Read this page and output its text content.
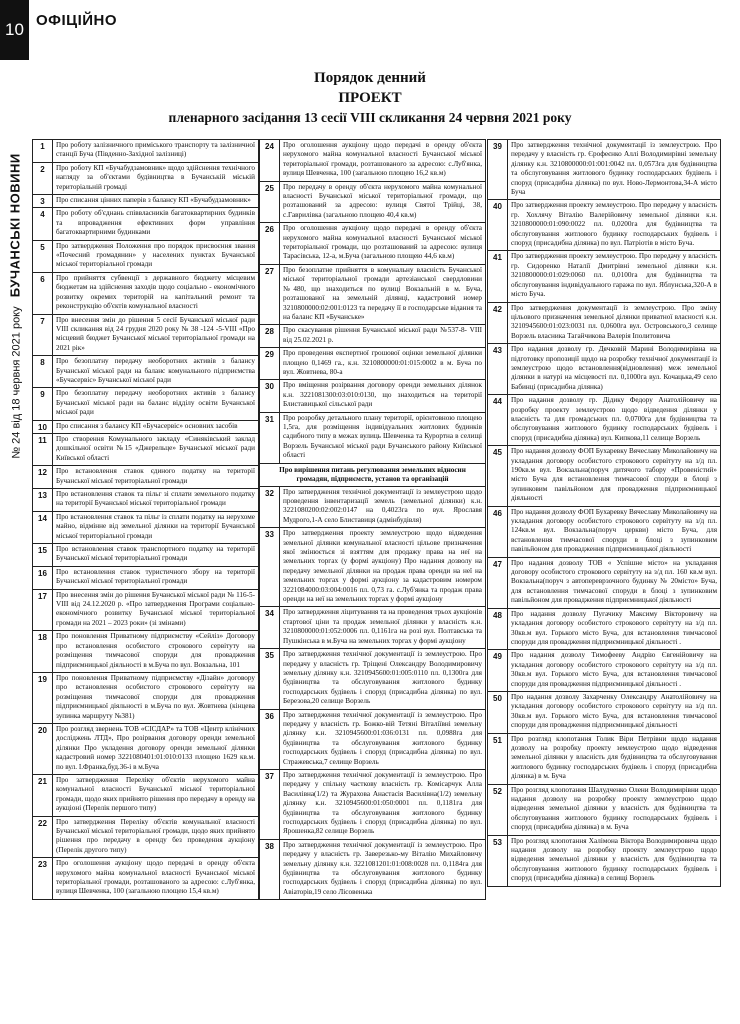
10 ОФІЦІЙНО
№ 24 від 18 червня 2021 року   БУЧАНСЬКІ НОВИНИ
Порядок денний
ПРОЕКТ
пленарного засідання 13 сесії VIII скликання 24 червня 2021 року
1	Про роботу залізничного приміського транспорту та залізничної станції Буча (Південно-Західної залізниці)
2	Про роботу КП «Бучабудзамовник» щодо здійснення технічного нагляду за об'єктами будівництва в Бучанській міській територіальній громаді
3	Про списання цінних паперів з балансу КП «Бучабудзамовник»
4	Про роботу об'єднань співвласників багатоквартирних будинків та впровадження ефективних форм управління багатоквартирними будинками
5	Про затвердження Положення про порядок присвоєння звання «Почесний громадянин» у населених пунктах Бучанської міської територіальної громади
6	Про прийняття субвенції з державного бюджету місцевим бюджетам на здійснення заходів щодо соціально - економічного розвитку окремих територій на капітальний ремонт та реконструкцію об'єктів комунальної власності
7	Про внесення змін до рішення 5 сесії Бучанської міської ради VIII скликання від 24 грудня 2020 року № 38 -124 -5-VIII «Про місцевий бюджет Бучанської міської територіальної громади на 2021 рік»
8	Про безоплатну передачу необоротних активів з балансу Бучанської міської ради на баланс комунального підприємства «Бучасервіс» Бучанської міської ради
9	Про безоплатну передачу необоротних активів з балансу Бучанської міської ради на баланс відділу освіти Бучанської міської ради
10	Про списання з балансу КП «Бучасервіс» основних засобів
11	Про створення Комунального закладу «Синяківський заклад дошкільної освіти №15 «Джерельце» Бучанської міської ради Київської області
12	Про встановлення ставок єдиного податку на території Бучанської міської територіальної громади
13	Про встановлення ставок та пільг зі сплати земельного податку на території Бучанської міської територіальної громади
14	Про встановлення ставок та пільг із сплати податку на нерухоме майно, відмінне від земельної ділянки на території Бучанської міської територіальної громади
15	Про встановлення ставок транспортного податку на території Бучанської міської територіальної громади
16	Про встановлення ставок туристичного збору на території Бучанської міської територіальної громади
17	Про внесення змін до рішення Бучанської міської ради № 116-5-VIII від 24.12.2020 р. «Про затвердження Програми соціально-економічного розвитку Бучанської міської територіальної громади на 2021 – 2023 роки» (зі змінами)
18	Про поновлення Приватному підприємству «Сейліз» Договору про встановлення особистого строкового сервітуту на розміщення тимчасової споруди для провадження підприємницької діяльності в м.Буча по вул. Вокзальна, 101
19	Про поновлення Приватному підприємству «Дізайн» договору про встановлення особистого строкового сервітуту на розміщення тимчасової споруди для провадження підприємницької діяльності в м.Буча по вул. Жовтнева (кінцева зупинка маршруту №381)
20	Про розгляд звернень ТОВ «СІСДАР» та ТОВ «Центр клінічних досліджень ЛТД», Про розірвання договору оренди земельної ділянки Про укладення договору оренди земельної ділянки кадастровий номер 3221080401:01:010:0133 площею 1629 кв.м. по вул. І.Франка,буд.36-і в м.Буча
21	Про затвердження Переліку об'єктів нерухомого майна комунальної власності Бучанської міської територіальної громади, щодо яких прийнято рішення про передачу в оренду на аукціоні (Перелік першого типу)
22	Про затвердження Переліку об'єктів комунальної власності Бучанської міської територіальної громади, щодо яких прийнято рішення про передачу в оренду без проведення аукціону (Перелік другого типу)
23	Про оголошення аукціону щодо передачі в оренду об'єкта нерухомого майна комунальної власності Бучанської міської територіальної громади, розташованого за адресою: с.Луб'янка, вулиця Шевченка, 100 (загальною площею 15,4 кв.м)
24	Про оголошення аукціону щодо передачі в оренду об'єкта нерухомого майна комунальної власності Бучанської міської територіальної громади, розташованого за адресою: с.Луб'янка, вулиця Шевченка, 100 (загальною площею 16,2 кв.м)
25	Про передачу в оренду об'єкта нерухомого майна комунальної власності Бучанської міської територіальної громади, що розташований за адресою: вулиця Святої Трійці, 38, с.Гаврилівка (загальною площею 40,4 кв.м)
26	Про оголошення аукціону щодо передачі в оренду об'єкта нерухомого майна комунальної власності Бучанської міської територіальної громади, що розташований за адресою: вулиця Тарасівська, 12-а, м.Буча (загальною площею 44,6 кв.м)
27	Про безоплатне прийняття в комунальну власність Бучанської міської територіальної громади артезіанської свердловини №480, що знаходиться по вулиці Вокзальній в м. Буча, розташованої на земельній ділянці, кадастровий номер 3210800000:02:001:0123 та передачу її в господарське відання та на баланс КП «Бучанське»
28	Про скасування рішення Бучанської міської ради №537-8- VIII від 25.02.2021 р.
29	Про проведення експертної грошової оцінки земельної ділянки площею 0,1469 га., к.н. 3210800000:01:015:0002 в м. Буча по вул. Жовтнева, 80-а
30	Про вміщення розірвання договору оренди земельних ділянок к.н. 3221081300:03:010:0130, що знаходиться на території Блиставицької сільської ради
31	Про розробку детального плану території, орієнтовною площею 1,5га, для розміщення індивідуальних житлових будинків садибного типу в межах вулиць Шевченка та Курортна в селищі Ворзель Бучанської міської ради Бучанського району Київської області
Про вирішення питань регулювання земельних відносин громадян, підприємств, установ та організацій
32	Про затвердження технічної документації із землеустрою щодо проведення інвентаризації земель (земельної ділянки) к.н. 3221080200:02:002:0147 на 0,4023га по вул. Ярославя Мудрого,1-А село Блиставиця (адмінбудівля)
33	Про затвердження проекту землеустрою щодо відведення земельної ділянки комунальної власності цільове призначення якої змінюється зі взяттям для продажу права на неї на земельних торгах (у формі аукціону) Про надання дозволу на передачу земельної ділянки на продаж права оренди на неї на земельних торгах у формі аукціону за кадастровим номером 3221084000:03:004:0016 пл. 0,73 га. с.Луб'янка та продаж права оренди на неї на земельних торгах у формі аукціону
34	Про затвердження ліцитування та на проведення трьох аукціонів стартової ціни та продаж земельної ділянки у власність к.н. 3210800000:01:052:0006 пл. 0,1161га на розі вул. Полтавська та Пушкінська в м.Буча на земельних торгах у формі аукціону
35	Про затвердження технічної документації із землеустрою. Про передачу у власність гр. Тріщені Олександру Володимировичу земельну ділянку к.н. 3210945600:01:005:0110 пл. 0,1300га для будівництва та обслуговування житлового будинку господарських будівель і споруд (присадибна ділянка) по вул. Березова,20 селище Ворзель
36	Про затвердження технічної документації із землеустрою. Про передачу у власність гр. Божко-вій Тетяні Віталіївні земельну ділянку к.н. 3210945600:01:036:0131 пл. 0,0988га для будівництва та обслуговування житлового будинку господарських будівель і споруд (присадибна ділянка) по вул. Стражевська,7 селище Ворзель
37	Про затвердження технічної документації із землеустрою. Про передачу у спільну часткову власність гр. Комісарчук Алла Василівна(1/2) та Журахова Анастасія Василівна(1/2) земельну ділянку к.н. 3210945600:01:050:0001 пл. 0,1181га для будівництва та обслуговування житлового будинку господарських будівель і споруд (присадибна ділянка) по вул. Ярошенка,82 селище Ворзель
38	Про затвердження технічної документації із землеустрою. Про передачу у власність гр. Заверезько-му Віталію Михайловичу земельну ділянку к.н. 3221081201:01:008:0028 пл. 0,1184га для будівництва та обслуговування житлового будинку господарських будівель і споруд (присадибна ділянка) по вул. Авіаторів,19 село Лісовенька
39	Про затвердження технічної документації із землеустрою. Про передачу у власність гр. Єрофеєнко Аллі Володимирівні земельну ділянку к.н. 3210800000:01:001:0042 пл. 0,0573га для будівництва та обслуговування житлового будинку господарських будівель і споруд (присадибна ділянка) по вул. Ново-Лермонтова,34-А місто Буча
40	Про затвердження проекту землеустрою. Про передачу у власність гр. Хохлячу Віталію Валерійовичу земельної ділянки к.н. 3210800000:01:090:0022 пл. 0,0200га для будівництва та обслуговування житлового будинку господарських будівель і споруд (присадибна ділянка) по вул. Патріотів в місто Буча.
41	Про затвердження проекту землеустрою. Про передачу у власність гр. Сидоренко Наталії Дмитрівні земельної ділянки к.н. 3210800000:01:029:0060 пл. 0,0100га для будівництва та обслуговування індивідуального гаража по вул. Яблунська,320-А в місто Буча.
42	Про затвердження документації із землеустрою. Про зміну цільового призначення земельної ділянки приватної власності к.н. 3210945600:01:023:0031 пл. 0,0600га вул. Островського,3 селище Ворзель власника Тагайчикова Валерія Іполитовича
43	Про надання дозволу гр. Дячковій Марині Володимирівна на підготовку пропозиції щодо на розробку технічної документації із землеустрою щодо встановлення(відновлення) меж земельної ділянки в натурі на місцевості пл. 0,1000га вул. Кочацька,49 село Бабинці (присадибна ділянка)
44	Про надання дозволу гр. Дідику Федору Анатолійовичу на розробку проекту землеустрою щодо відведення ділянки у власність та для громадських пл. 0,0700га для будівництва та обслуговування житлового будинку господарських будівель і споруд (присадибна ділянка) вул. Кипкова,11 селище Ворзель
45	Про надання дозволу ФОП Бухаревку Вячеславу Миколайовичу на укладання договору особистого строкового сервітуту на з/д пл. 190кв.м вул. Вокзальна(поруч дитячого табору «Провеністий» місто Буча для встановлення тимчасової споруди в блоці з зупинковим павільйоном для провадження підприємницької діяльності
46	Про надання дозволу ФОП Бухаревку Вячеславу Миколайовичу на укладання договору особистого строкового сервітуту на з/д пл. 124кв.м вул. Вокзальна(поруч церкви) місто Буча, для встановлення тимчасової споруди в блоці з зупинковим павільйоном для провадження підприємницької діяльності
47	Про надання дозволу ТОВ « Успішне місто» на укладання договору особистого строкового сервітуту на з/д пл. 160 кв.м вул. Вокзальна(поруч з автопереврзочного будинку № 20місто» Буча, для встановлення тимчасової споруди в блоці з зупинковим павільйоном для провадження підприємницької діяльності
48	Про надання дозволу Пугачику Максиму Вікторовичу на укладання договору особистого строкового сервітуту на з/д пл. 30кв.м вул. Горького місто Буча, для встановлення тимчасової споруди для провадження підприємницької діяльності .
49	Про надання дозволу Тимофееву Андрію Євгенійовичу на укладання договору особистого строкового сервітуту на з/д пл. 30кв.м вул. Горького місто Буча, для встановлення тимчасової споруди для провадження підприємницької діяльності .
50	Про надання дозволу Захарченку Олександру Анатолійовичу на укладання договору особистого строкового сервітуту на з/д пл. 30кв.м вул. Горького місто Буча, для встановлення тимчасової споруди для провадження підприємницької діяльності
51	Про розгляд клопотання Голик Віри Петрівни щодо надання дозволу на розробку проекту землеустрою щодо відведення земельної ділянки у власність для будівництва та обслуговування житлового будинку господарських будівель і споруд (присадибна ділянка) в м. Буча
52	Про розгляд клопотання Шалудченко Олени Володимирівни щодо надання дозволу на розробку проекту землеустрою щодо відведення земельної ділянки у власність для будівництва та обслуговування житлового будинку господарських будівель і споруд (присадибна ділянка) в м. Буча
53	Про розгляд клопотання Халімона Віктора Володимировича щодо надання дозволу на розробку проекту землеустрою щодо відведення земельної ділянки у власність для будівництва та обслуговування житлового будинку господарських будівель і споруд (присадибна ділянка) в селищі Ворзель
